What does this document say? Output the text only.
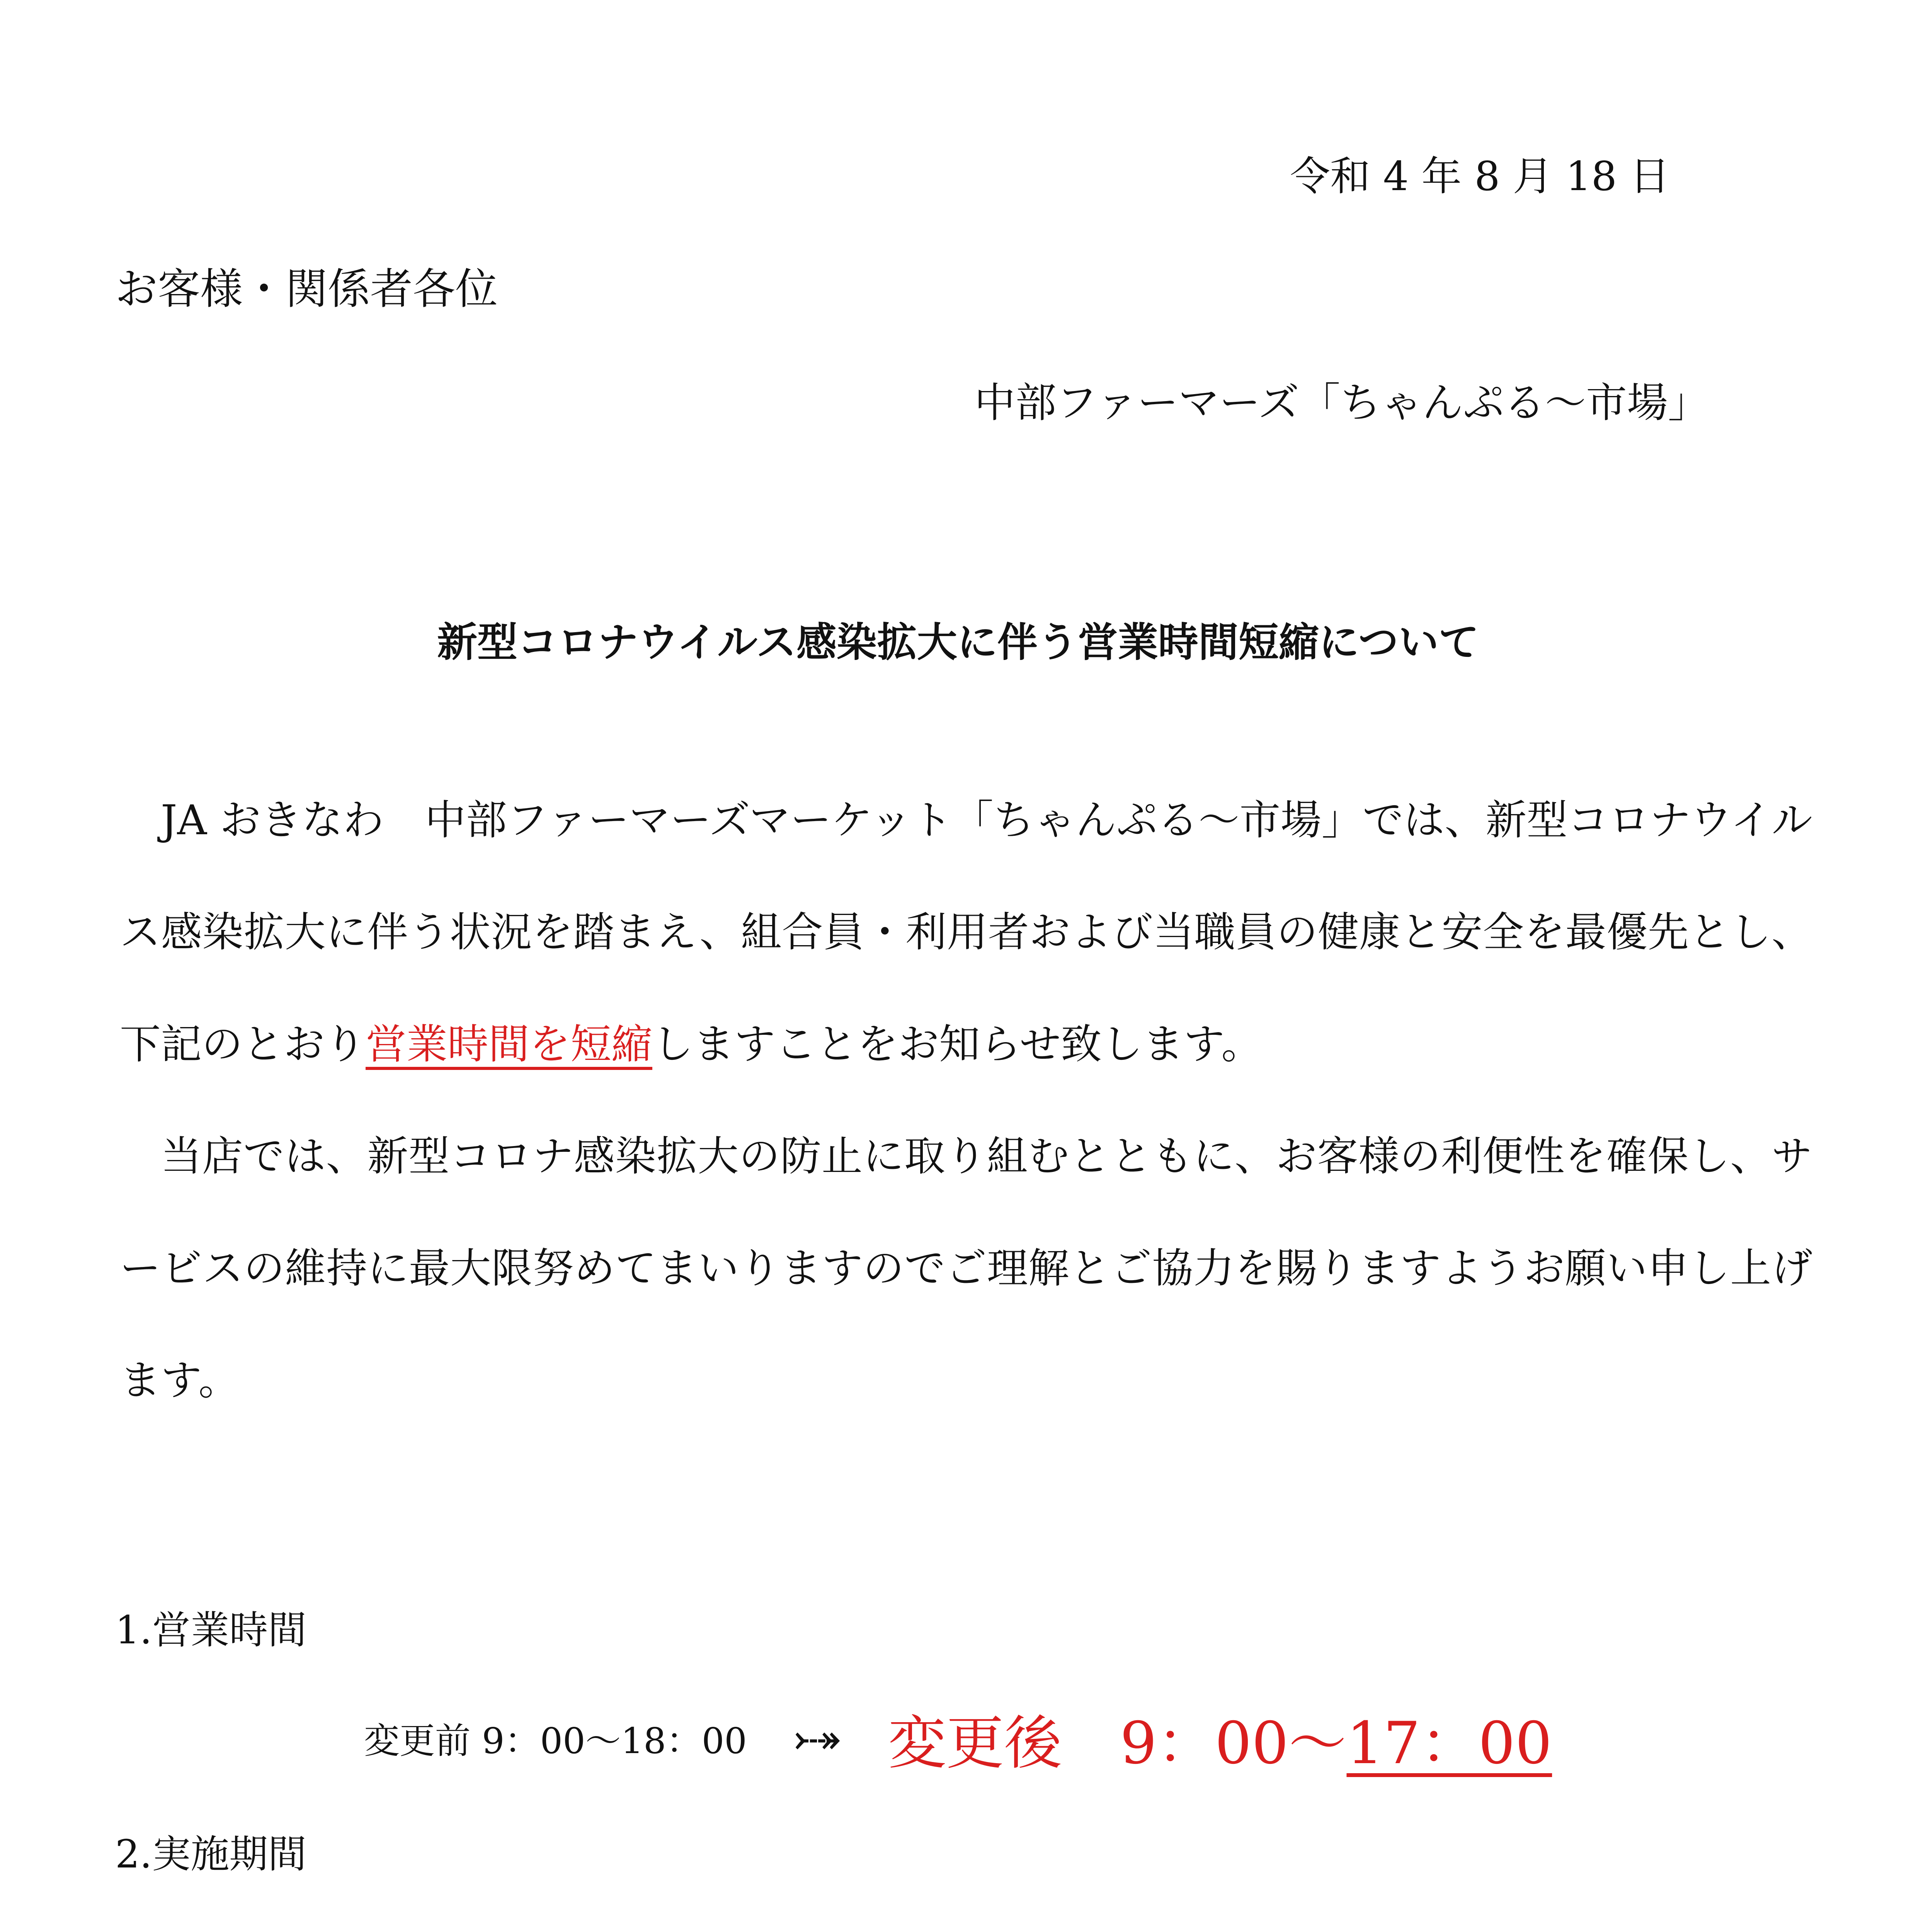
令和 4 年 8 月 18 日
お客様・関係者各位
中部ファーマーズ「ちゃんぷる～市場」
新型コロナウイルス感染拡大に伴う営業時間短縮について

JA おきなわ　中部ファーマーズマーケット「ちゃんぷる～市場」では、新型コロナウイルス感染拡大に伴う状況を踏まえ、組合員・利用者および当職員の健康と安全を最優先とし、下記のとおり営業時間を短縮しますことをお知らせ致します。

当店では、新型コロナ感染拡大の防止に取り組むとともに、お客様の利便性を確保し、サービスの維持に最大限努めてまいりますのでご理解とご協力を賜りますようお願い申し上げます。

1.営業時間
変更前 9：00～18：00 ⤐ 変更後　9：00～17：00
2.実施期間
